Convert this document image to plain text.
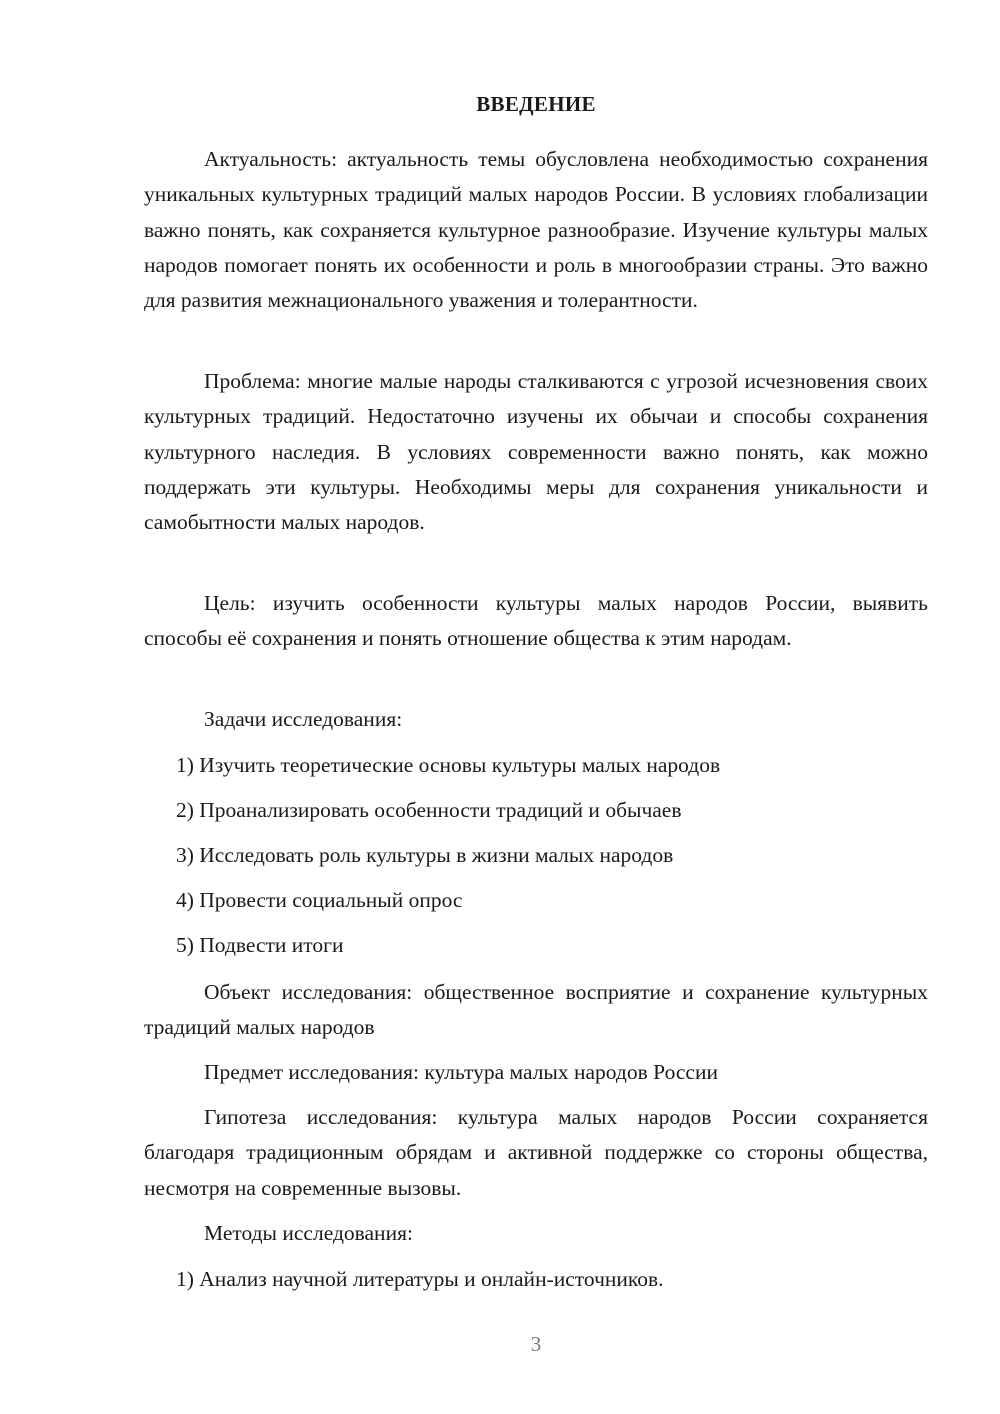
ВВЕДЕНИЕ
Актуальность: актуальность темы обусловлена необходимостью сохранения уникальных культурных традиций малых народов России. В условиях глобализации важно понять, как сохраняется культурное разнообразие. Изучение культуры малых народов помогает понять их особенности и роль в многообразии страны. Это важно для развития межнационального уважения и толерантности.
Проблема: многие малые народы сталкиваются с угрозой исчезновения своих культурных традиций. Недостаточно изучены их обычаи и способы сохранения культурного наследия. В условиях современности важно понять, как можно поддержать эти культуры. Необходимы меры для сохранения уникальности и самобытности малых народов.
Цель: изучить особенности культуры малых народов России, выявить способы её сохранения и понять отношение общества к этим народам.
Задачи исследования:
1) Изучить теоретические основы культуры малых народов
2) Проанализировать особенности традиций и обычаев
3) Исследовать роль культуры в жизни малых народов
4) Провести социальный опрос
5) Подвести итоги
Объект исследования: общественное восприятие и сохранение культурных традиций малых народов
Предмет исследования: культура малых народов России
Гипотеза исследования: культура малых народов России сохраняется благодаря традиционным обрядам и активной поддержке со стороны общества, несмотря на современные вызовы.
Методы исследования:
1) Анализ научной литературы и онлайн-источников.
3
